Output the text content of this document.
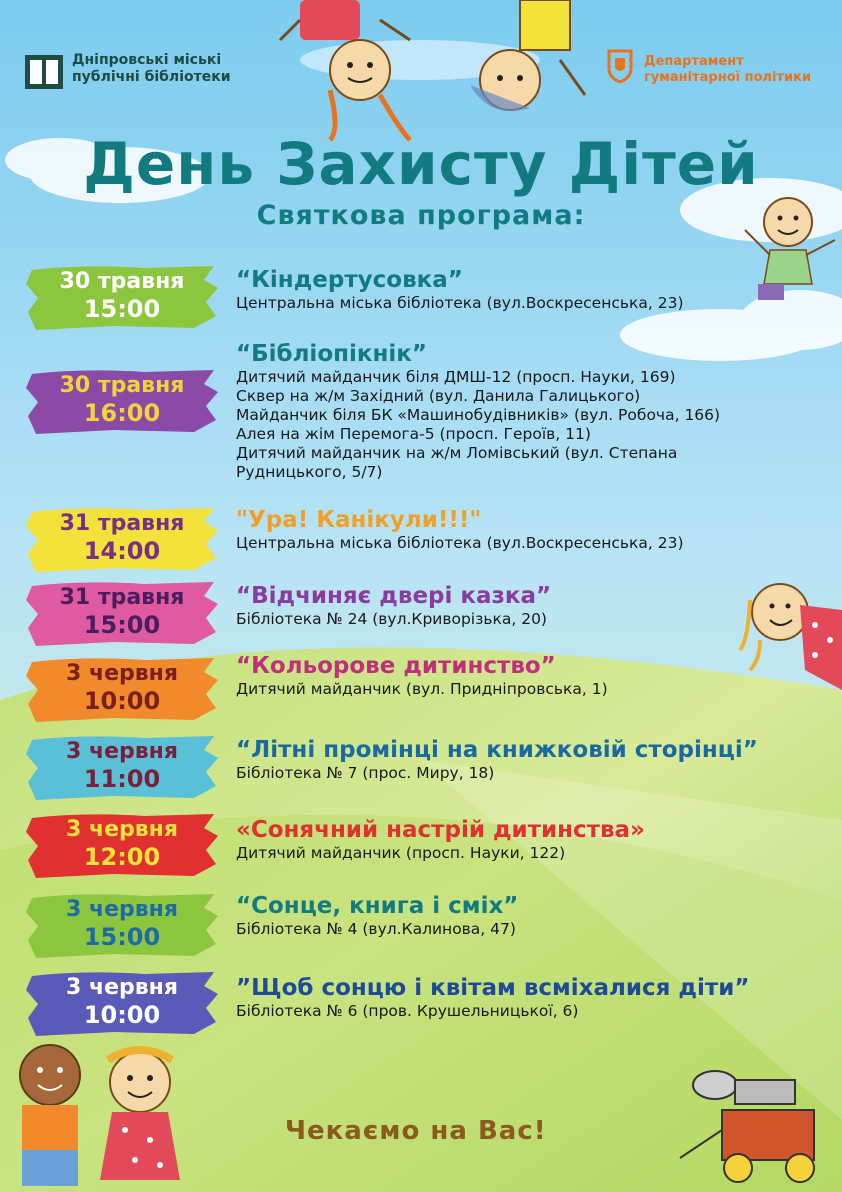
Дніпровські міські
публічні бібліотеки
Департамент
гуманітарної політики
День Захисту Дітей
Святкова програма:
30 травня
15:00
“Кіндертусовка”
Центральна міська бібліотека (вул.Воскресенська, 23)
30 травня
16:00
“Бібліопікнік”
Дитячий майданчик біля ДМШ-12 (просп. Науки, 169)
Сквер на ж/м Західний (вул. Данила Галицького)
Майданчик біля БК «Машинобудівників» (вул. Робоча, 166)
Алея на жім Перемога-5 (просп. Героїв, 11)
Дитячий майданчик на ж/м Ломівський (вул. Степана
Рудницького, 5/7)
31 травня
14:00
"Ура! Канікули!!!"
Центральна міська бібліотека (вул.Воскресенська, 23)
31 травня
15:00
“Відчиняє двері казка”
Бібліотека № 24 (вул.Криворізька, 20)
3 червня
10:00
“Кольорове дитинство”
Дитячий майданчик (вул. Придніпровська, 1)
3 червня
11:00
“Літні промінці на книжковій сторінці”
Бібліотека № 7 (прос. Миру, 18)
3 червня
12:00
«Сонячний настрій дитинства»
Дитячий майданчик (просп. Науки, 122)
3 червня
15:00
“Сонце, книга і сміх”
Бібліотека № 4 (вул.Калинова, 47)
3 червня
10:00
”Щоб сонцю і квітам всміхалися діти”
Бібліотека № 6 (пров. Крушельницької, 6)
Чекаємо на Вас!
